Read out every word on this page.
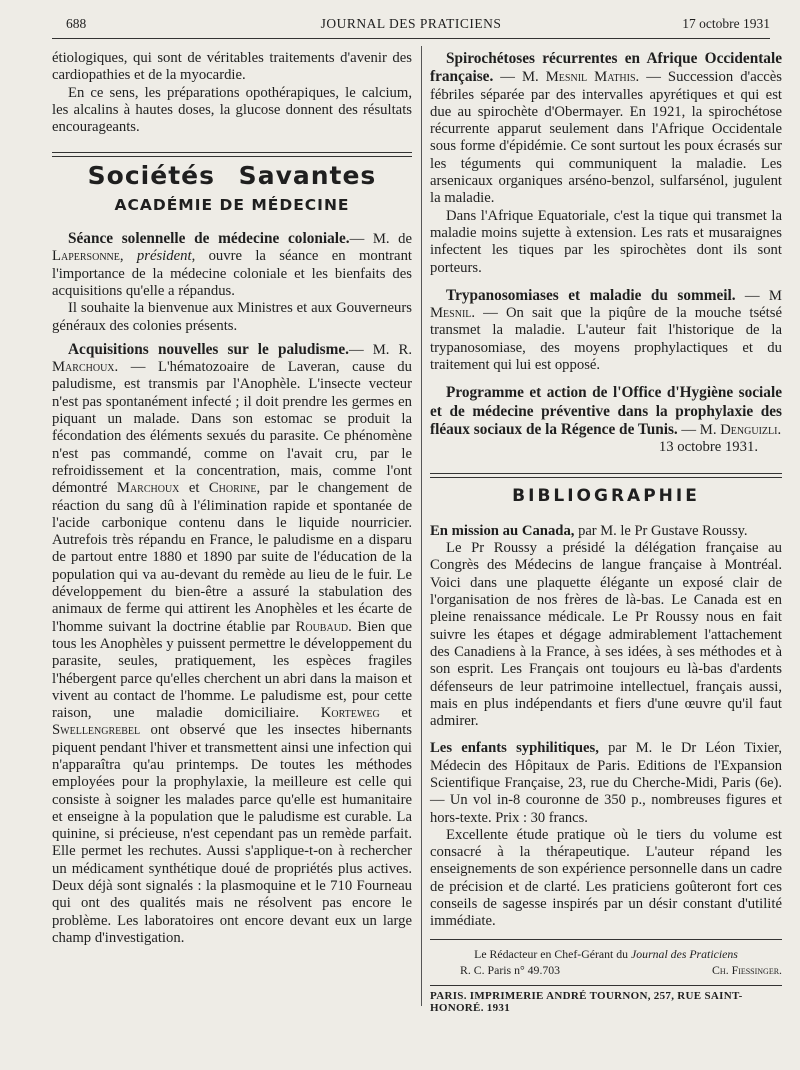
688	JOURNAL DES PRATICIENS	17 octobre 1931

étiologiques, qui sont de véritables traitements d'avenir des cardiopathies et de la myocardie.

En ce sens, les préparations opothérapiques, le calcium, les alcalins à hautes doses, la glucose donnent des résultats encourageants.

Sociétés Savantes
ACADÉMIE DE MÉDECINE

Séance solennelle de médecine coloniale.— M. de Lapersonne, président, ouvre la séance en montrant l'importance de la médecine coloniale et les bienfaits des acquisitions qu'elle a répandus.

Il souhaite la bienvenue aux Ministres et aux Gouverneurs généraux des colonies présents.

Acquisitions nouvelles sur le paludisme.— M. R. Marchoux. — L'hématozoaire de Laveran, cause du paludisme, est transmis par l'Anophèle. L'insecte vecteur n'est pas spontanément infecté ; il doit prendre les germes en piquant un malade. Dans son estomac se produit la fécondation des éléments sexués du parasite. Ce phénomène n'est pas commandé, comme on l'avait cru, par le refroidissement et la concentration, mais, comme l'ont démontré Marchoux et Chorine, par le changement de réaction du sang dû à l'élimination rapide et spontanée de l'acide carbonique contenu dans le liquide nourricier. Autrefois très répandu en France, le paludisme en a disparu de partout entre 1880 et 1890 par suite de l'éducation de la population qui va au-devant du remède au lieu de le fuir. Le développement du bien-être a assuré la stabulation des animaux de ferme qui attirent les Anophèles et les écarte de l'homme suivant la doctrine établie par Roubaud. Bien que tous les Anophèles y puissent permettre le développement du parasite, seules, pratiquement, les espèces fragiles l'hébergent parce qu'elles cherchent un abri dans la maison et vivent au contact de l'homme. Le paludisme est, pour cette raison, une maladie domiciliaire. Korteweg et Swellengrebel ont observé que les insectes hibernants piquent pendant l'hiver et transmettent ainsi une infection qui n'apparaîtra qu'au printemps. De toutes les méthodes employées pour la prophylaxie, la meilleure est celle qui consiste à soigner les malades parce qu'elle est humanitaire et enseigne à la population que le paludisme est curable. La quinine, si précieuse, n'est cependant pas un remède parfait. Elle permet les rechutes. Aussi s'applique-t-on à rechercher un médicament synthétique doué de propriétés plus actives. Deux déjà sont signalés : la plasmoquine et le 710 Fourneau qui ont des qualités mais ne résolvent pas encore le problème. Les laboratoires ont encore devant eux un large champ d'investigation.

Spirochétoses récurrentes en Afrique Occidentale française. — M. Mesnil Mathis. — Succession d'accès fébriles séparée par des intervalles apyrétiques et qui est due au spirochète d'Obermayer. En 1921, la spirochétose récurrente apparut seulement dans l'Afrique Occidentale sous forme d'épidémie. Ce sont surtout les poux écrasés sur les téguments qui communiquent la maladie. Les arsenicaux organiques arséno-benzol, sulfarsénol, jugulent la maladie.

Dans l'Afrique Equatoriale, c'est la tique qui transmet la maladie moins sujette à extension. Les rats et musaraignes infectent les tiques par les spirochètes dont ils sont porteurs.

Trypanosomiases et maladie du sommeil. — M Mesnil. — On sait que la piqûre de la mouche tsétsé transmet la maladie. L'auteur fait l'historique de la trypanosomiase, des moyens prophylactiques et du traitement qui lui est opposé.

Programme et action de l'Office d'Hygiène sociale et de médecine préventive dans la prophylaxie des fléaux sociaux de la Régence de Tunis. — M. Denguizli.

13 octobre 1931.

BIBLIOGRAPHIE

En mission au Canada, par M. le Pr Gustave Roussy.

Le Pr Roussy a présidé la délégation française au Congrès des Médecins de langue française à Montréal. Voici dans une plaquette élégante un exposé clair de l'organisation de nos frères de là-bas. Le Canada est en pleine renaissance médicale. Le Pr Roussy nous en fait suivre les étapes et dégage admirablement l'attachement des Canadiens à la France, à ses idées, à ses méthodes et à son esprit. Les Français ont toujours eu là-bas d'ardents défenseurs de leur patrimoine intellectuel, français aussi, mais en plus indépendants et fiers d'une œuvre qu'il faut admirer.

Les enfants syphilitiques, par M. le Dr Léon Tixier, Médecin des Hôpitaux de Paris. Editions de l'Expansion Scientifique Française, 23, rue du Cherche-Midi, Paris (6e). — Un vol in-8 couronne de 350 p., nombreuses figures et hors-texte. Prix : 30 francs.

Excellente étude pratique où le tiers du volume est consacré à la thérapeutique. L'auteur répand les enseignements de son expérience personnelle dans un cadre de précision et de clarté. Les praticiens goûteront fort ces conseils de sagesse inspirés par un désir constant d'utilité immédiate.

Le Rédacteur en Chef-Gérant du Journal des Praticiens
R. C. Paris n° 49.703	Ch. Fiessinger.
PARIS. IMPRIMERIE ANDRÉ TOURNON, 257, RUE SAINT-HONORÉ. 1931
